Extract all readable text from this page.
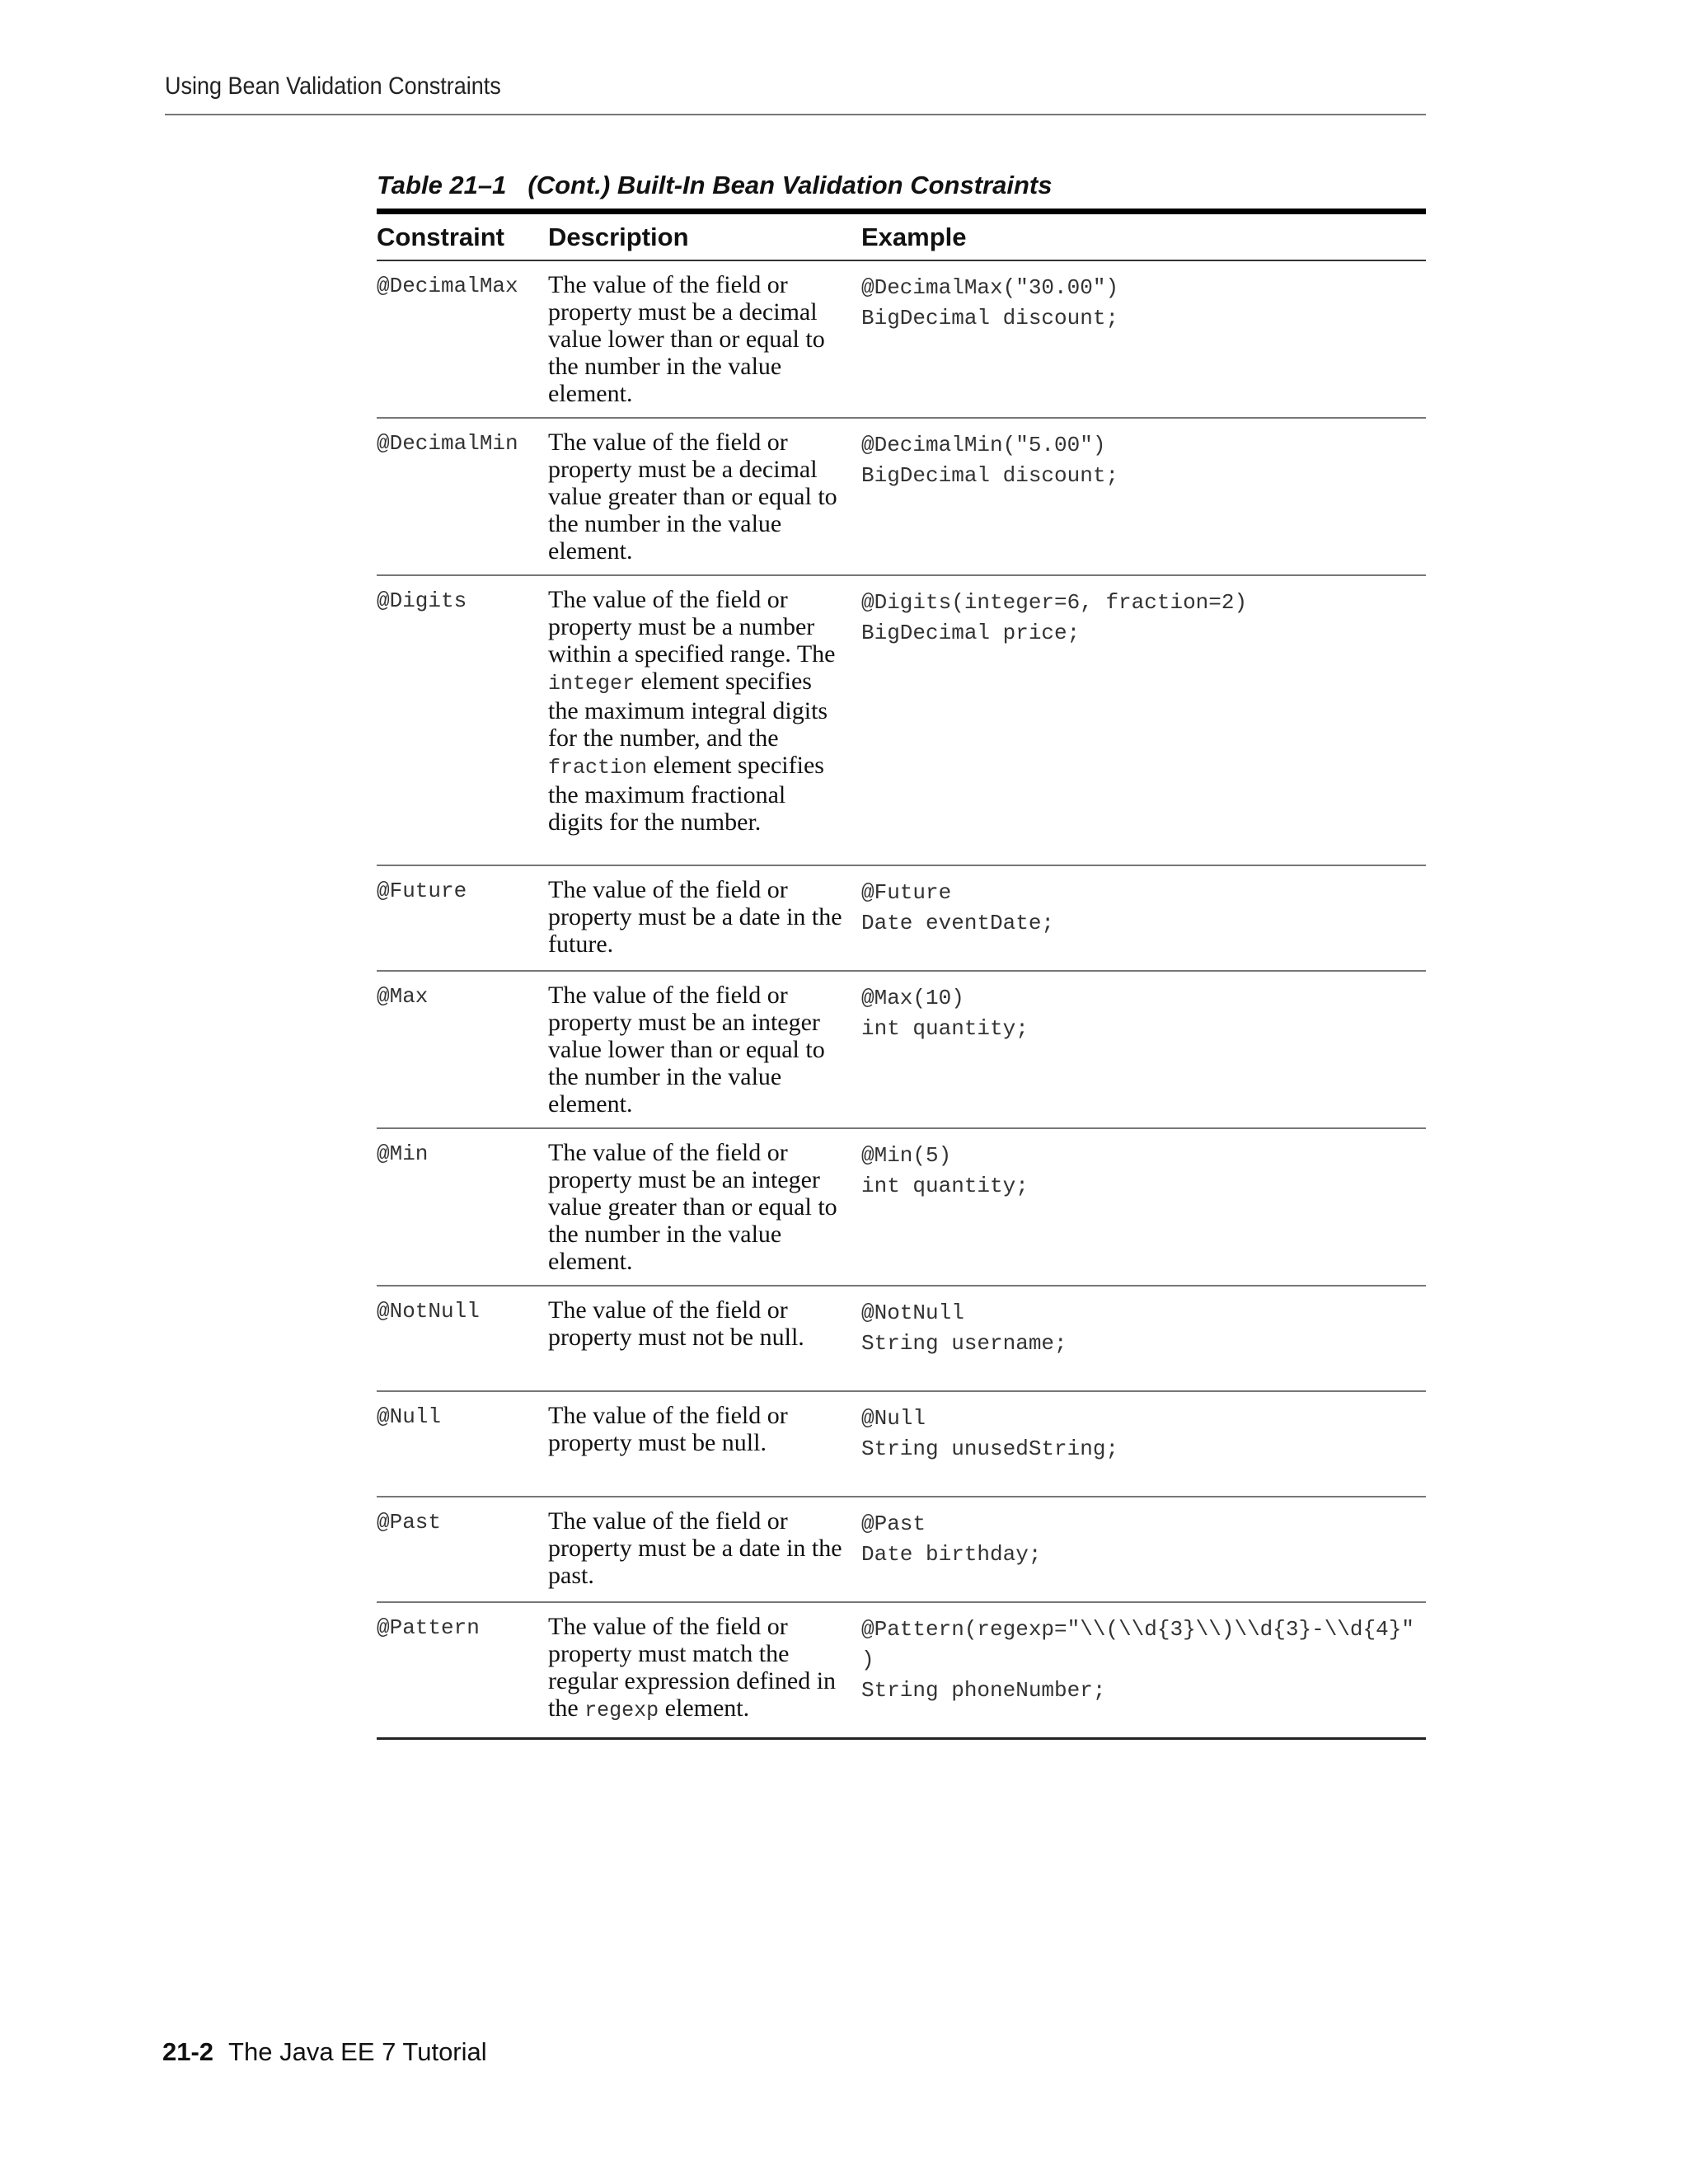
Using Bean Validation Constraints
Table 21–1 (Cont.) Built-In Bean Validation Constraints
Constraint	Description	Example
@DecimalMax	The value of the field or property must be a decimal value lower than or equal to the number in the value element.	@DecimalMax("30.00")
BigDecimal discount;

@DecimalMin	The value of the field or property must be a decimal value greater than or equal to the number in the value element.	@DecimalMin("5.00")
BigDecimal discount;

@Digits	The value of the field or property must be a number within a specified range. The integer element specifies the maximum integral digits for the number, and the fraction element specifies the maximum fractional digits for the number.	@Digits(integer=6, fraction=2)
BigDecimal price;

@Future	The value of the field or property must be a date in the future.	@Future
Date eventDate;

@Max	The value of the field or property must be an integer value lower than or equal to the number in the value element.	@Max(10)
int quantity;

@Min	The value of the field or property must be an integer value greater than or equal to the number in the value element.	@Min(5)
int quantity;

@NotNull	The value of the field or property must not be null.	@NotNull
String username;

@Null	The value of the field or property must be null.	@Null
String unusedString;

@Past	The value of the field or property must be a date in the past.	@Past
Date birthday;

@Pattern	The value of the field or property must match the regular expression defined in the regexp element.	@Pattern(regexp="\\(\\d{3}\\)\\d{3}-\\d{4}"
)
String phoneNumber;
21-2 The Java EE 7 Tutorial
